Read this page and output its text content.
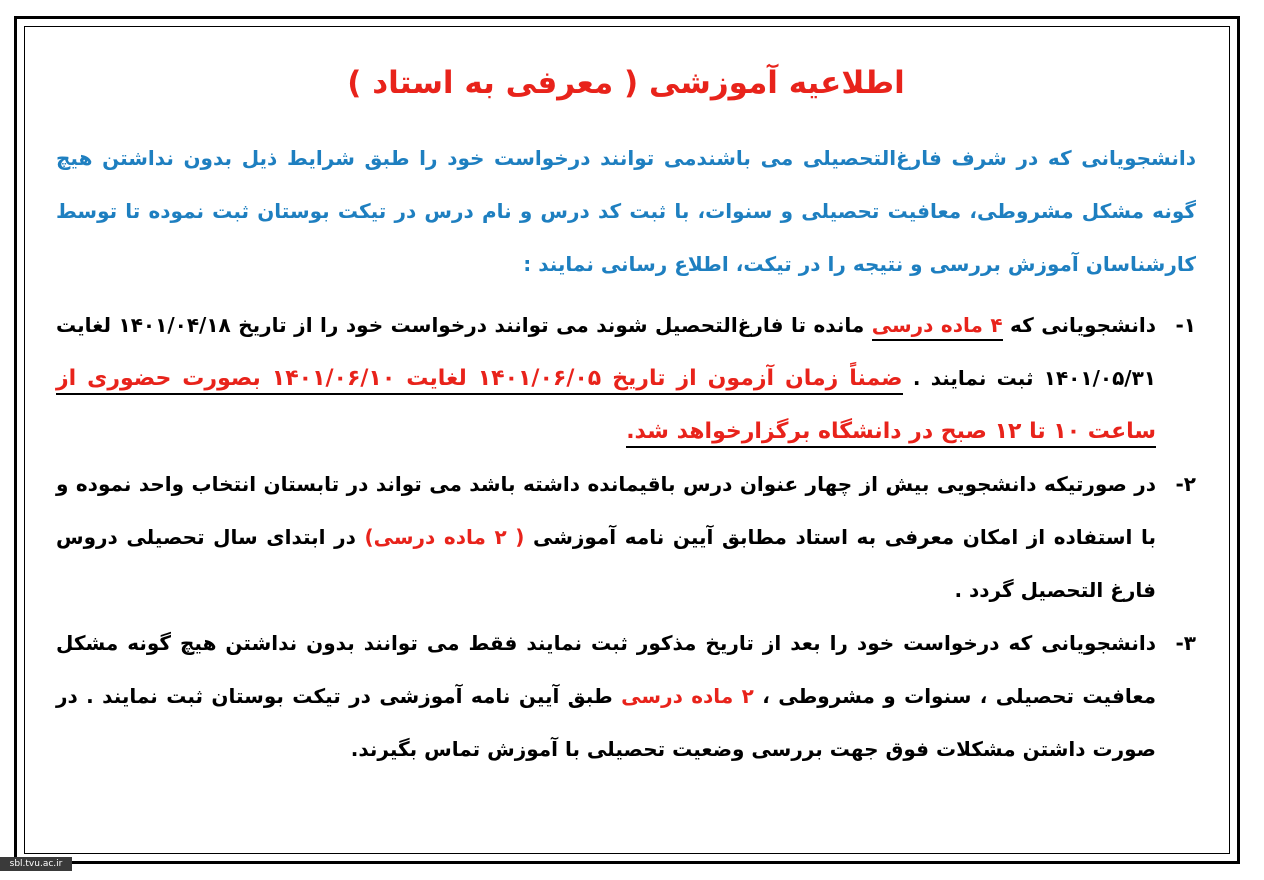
اطلاعیه آموزشی ( معرفی به استاد )

دانشجویانی که در شرف فارغ‌التحصیلی می باشندمی توانند درخواست خود را طبق شرایط ذیل بدون نداشتن هیچ گونه مشکل مشروطی، معافیت تحصیلی و سنوات، با ثبت کد درس و نام درس در تیکت بوستان ثبت نموده تا توسط کارشناسان آموزش بررسی و نتیجه را در تیکت، اطلاع رسانی نمایند :

۱-
دانشجویانی که ۴ ماده درسی مانده تا فارغ‌التحصیل شوند می توانند درخواست خود را از تاریخ ۱۴۰۱/۰۴/۱۸ لغایت ۱۴۰۱/۰۵/۳۱ ثبت نمایند . ضمناً زمان آزمون از تاریخ ۱۴۰۱/۰۶/۰۵ لغایت ۱۴۰۱/۰۶/۱۰ بصورت حضوری از ساعت ۱۰ تا ۱۲ صبح در دانشگاه برگزارخواهد شد.

۲-
در صورتیکه دانشجویی بیش از چهار عنوان درس باقیمانده داشته باشد می تواند در تابستان انتخاب واحد نموده و با استفاده از امکان معرفی به استاد مطابق آیین نامه آموزشی ( ۲ ماده درسی) در ابتدای سال تحصیلی دروس فارغ التحصیل گردد .

۳-
دانشجویانی که درخواست خود را بعد از تاریخ مذکور ثبت نمایند فقط می توانند بدون نداشتن هیچ گونه مشکل معافیت تحصیلی ، سنوات و مشروطی ، ۲ ماده درسی طبق آیین نامه آموزشی در تیکت بوستان ثبت نمایند . در صورت داشتن مشکلات فوق جهت بررسی وضعیت تحصیلی با آموزش تماس بگیرند.

sbl.tvu.ac.ir
